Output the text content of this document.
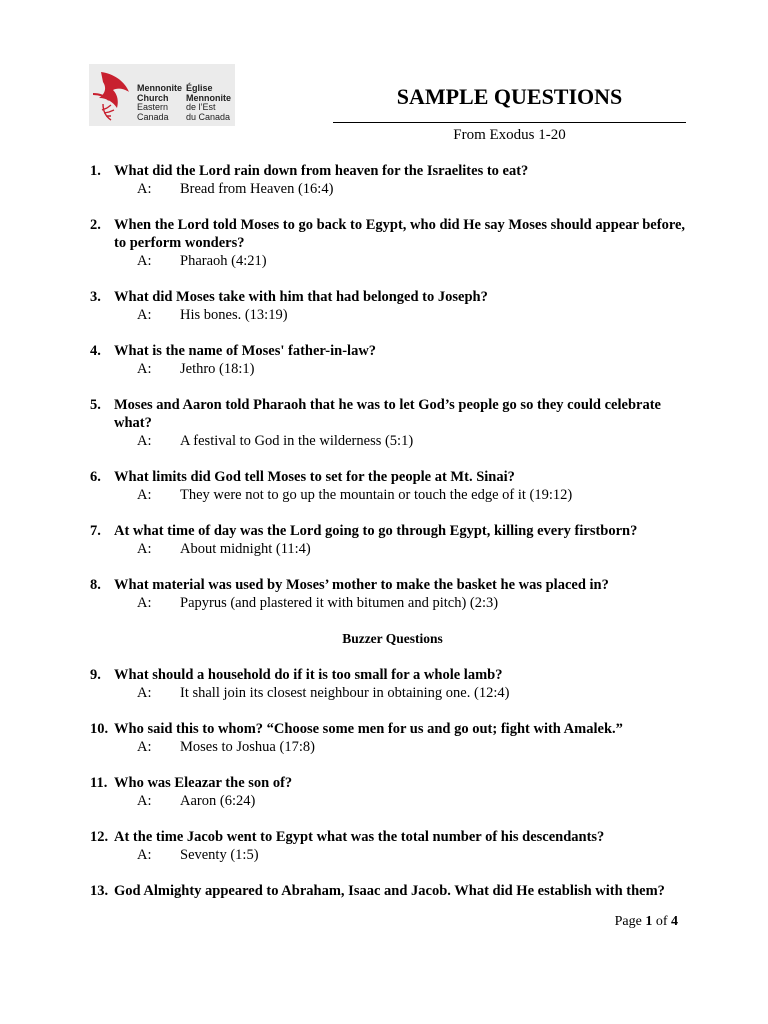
Mennonite
Church
Eastern
Canada
Église
Mennonite
de l’Est
du Canada
SAMPLE QUESTIONS
From Exodus 1-20
1. What did the Lord rain down from heaven for the Israelites to eat?
A: Bread from Heaven (16:4)
2. When the Lord told Moses to go back to Egypt, who did He say Moses should appear before, to perform wonders?
A: Pharaoh (4:21)
3. What did Moses take with him that had belonged to Joseph?
A: His bones. (13:19)
4. What is the name of Moses' father-in-law?
A: Jethro (18:1)
5. Moses and Aaron told Pharaoh that he was to let God’s people go so they could celebrate what?
A: A festival to God in the wilderness (5:1)
6. What limits did God tell Moses to set for the people at Mt. Sinai?
A: They were not to go up the mountain or touch the edge of it (19:12)
7. At what time of day was the Lord going to go through Egypt, killing every firstborn?
A: About midnight (11:4)
8. What material was used by Moses’ mother to make the basket he was placed in?
A: Papyrus (and plastered it with bitumen and pitch) (2:3)
Buzzer Questions
9. What should a household do if it is too small for a whole lamb?
A: It shall join its closest neighbour in obtaining one. (12:4)
10. Who said this to whom? “Choose some men for us and go out; fight with Amalek.”
A: Moses to Joshua (17:8)
11. Who was Eleazar the son of?
A: Aaron (6:24)
12. At the time Jacob went to Egypt what was the total number of his descendants?
A: Seventy (1:5)
13. God Almighty appeared to Abraham, Isaac and Jacob. What did He establish with them?
Page 1 of 4
